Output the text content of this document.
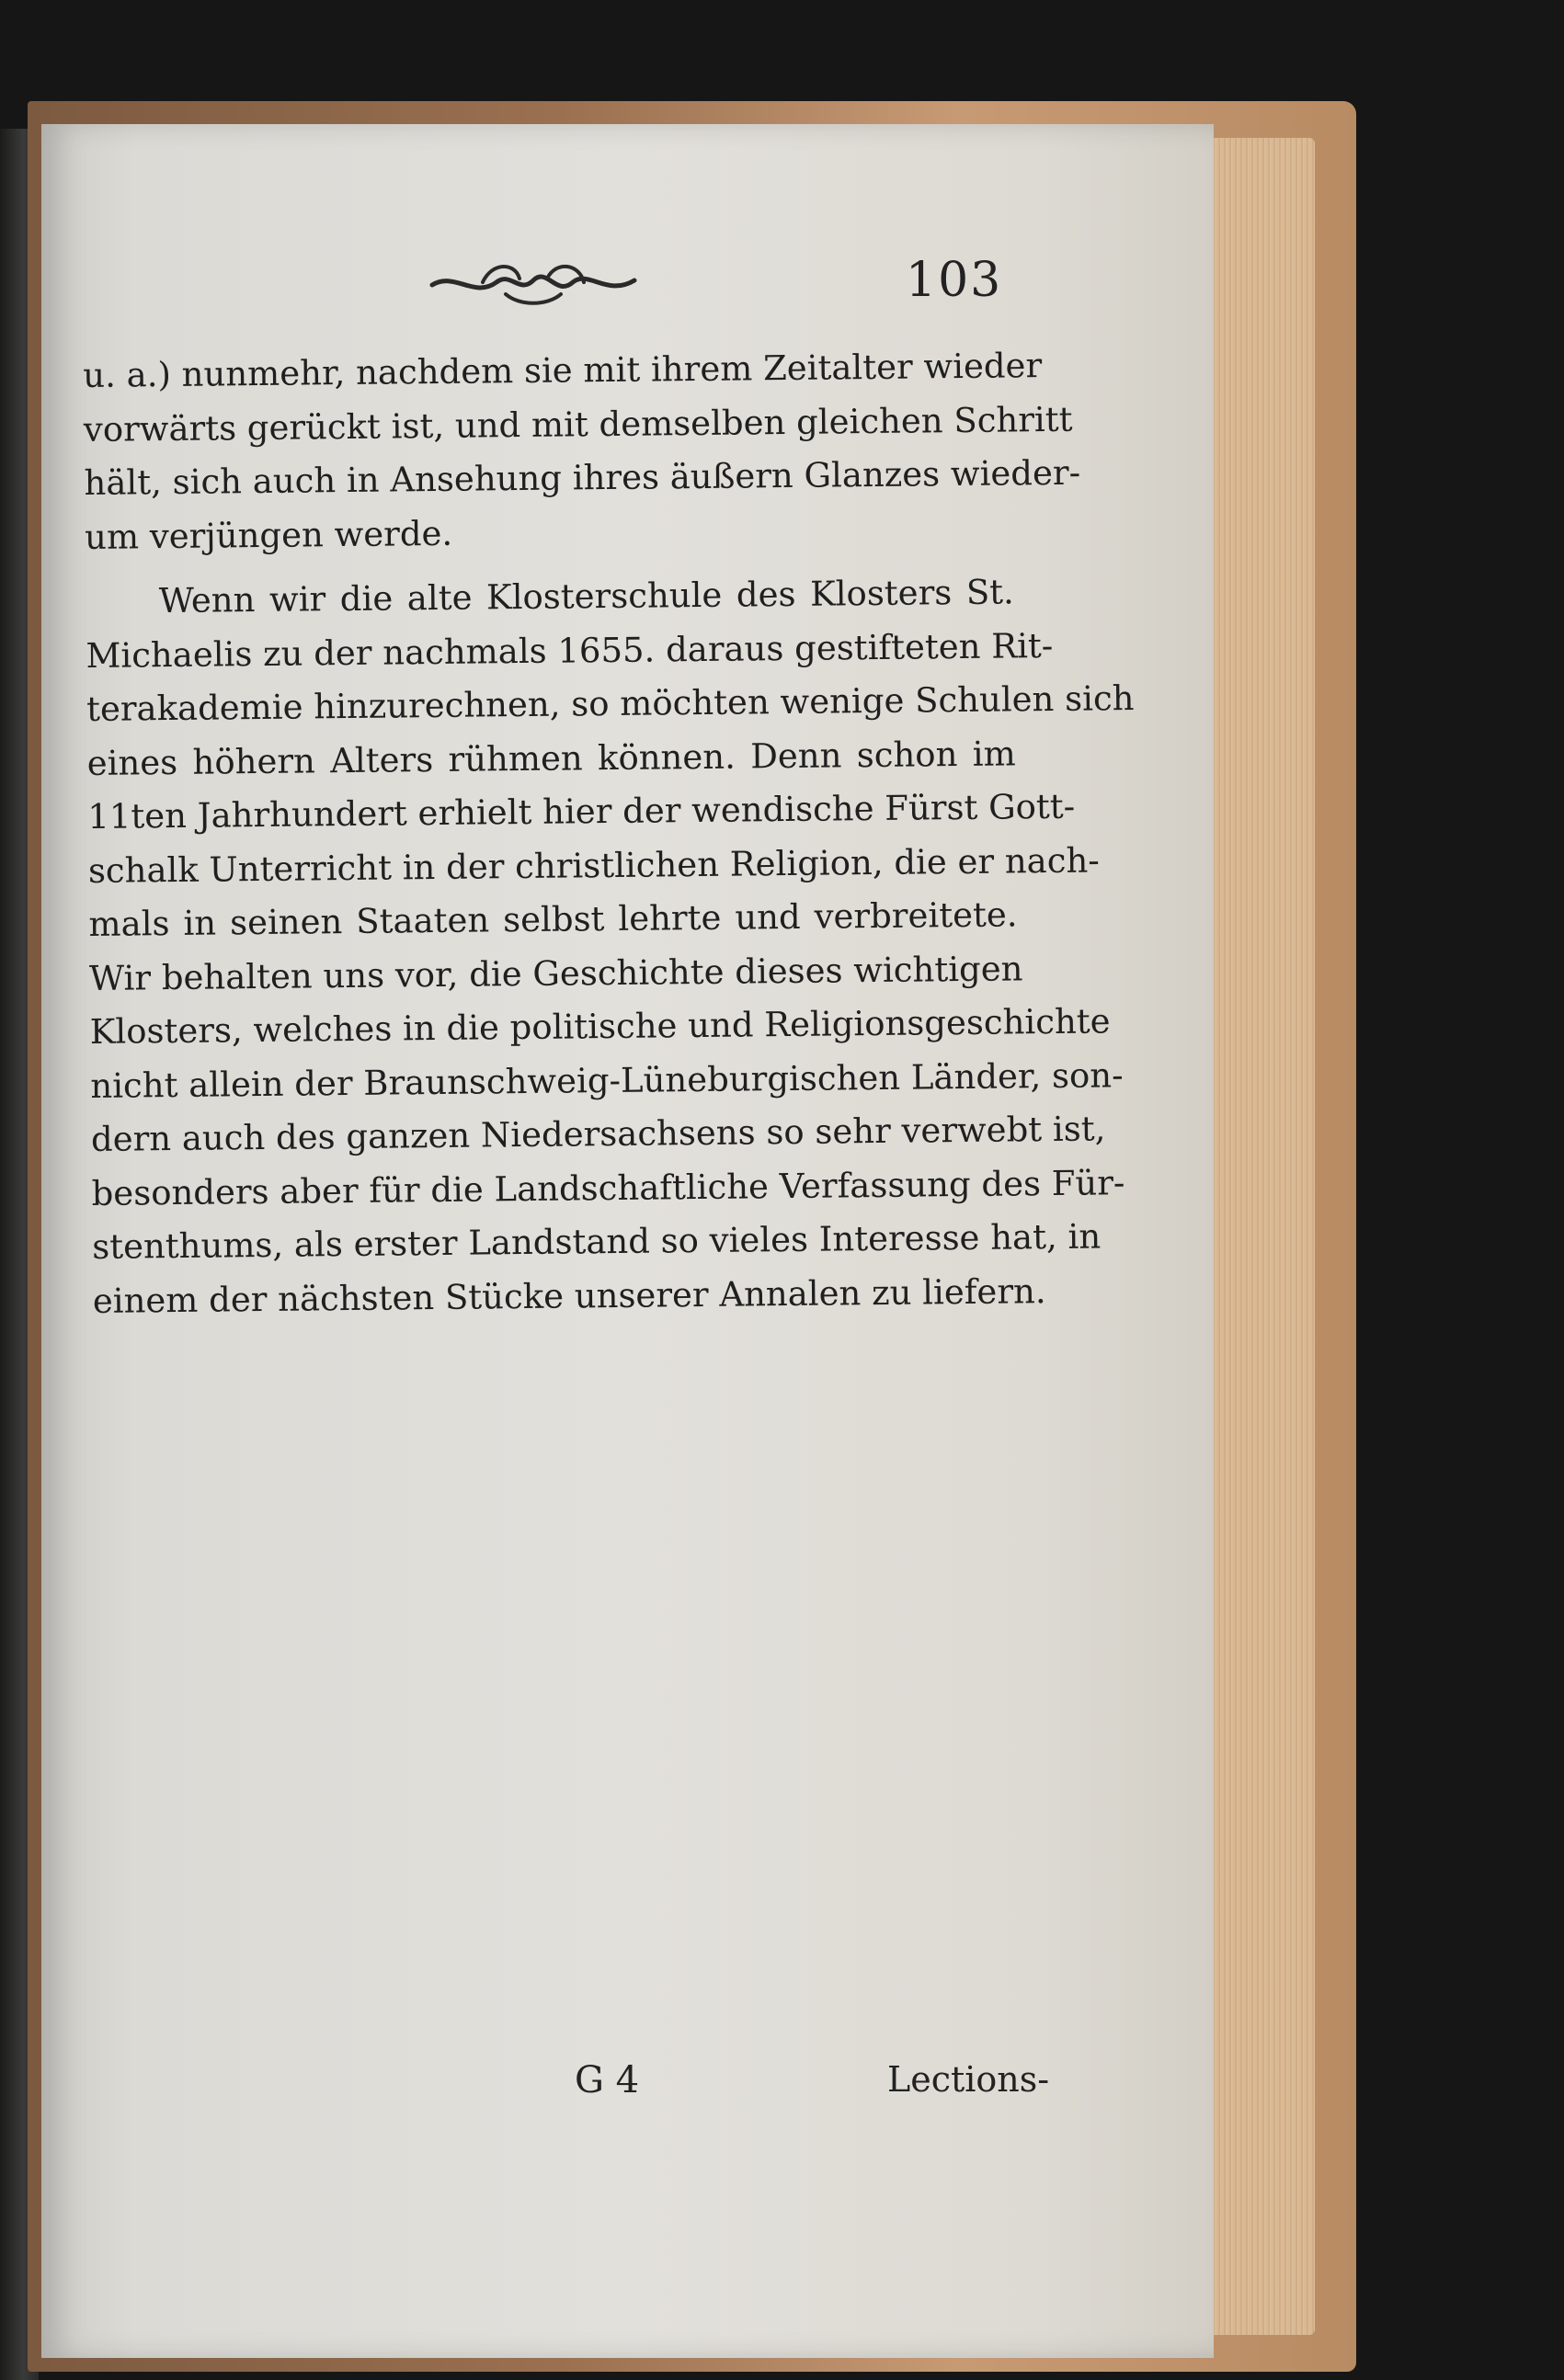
103
u. a.) nunmehr, nachdem sie mit ihrem Zeitalter wieder
vorwärts gerückt ist, und mit demselben gleichen Schritt
hält, sich auch in Ansehung ihres äußern Glanzes wieder-
um verjüngen werde.
Wenn wir die alte Klosterschule des Klosters St.
Michaelis zu der nachmals 1655. daraus gestifteten Rit-
terakademie hinzurechnen, so möchten wenige Schulen sich
eines höhern Alters rühmen können. Denn schon im
11ten Jahrhundert erhielt hier der wendische Fürst Gott-
schalk Unterricht in der christlichen Religion, die er nach-
mals in seinen Staaten selbst lehrte und verbreitete.
Wir behalten uns vor, die Geschichte dieses wichtigen
Klosters, welches in die politische und Religionsgeschichte
nicht allein der Braunschweig-Lüneburgischen Länder, son-
dern auch des ganzen Niedersachsens so sehr verwebt ist,
besonders aber für die Landschaftliche Verfassung des Für-
stenthums, als erster Landstand so vieles Interesse hat, in
einem der nächsten Stücke unserer Annalen zu liefern.
G 4	Lections-
